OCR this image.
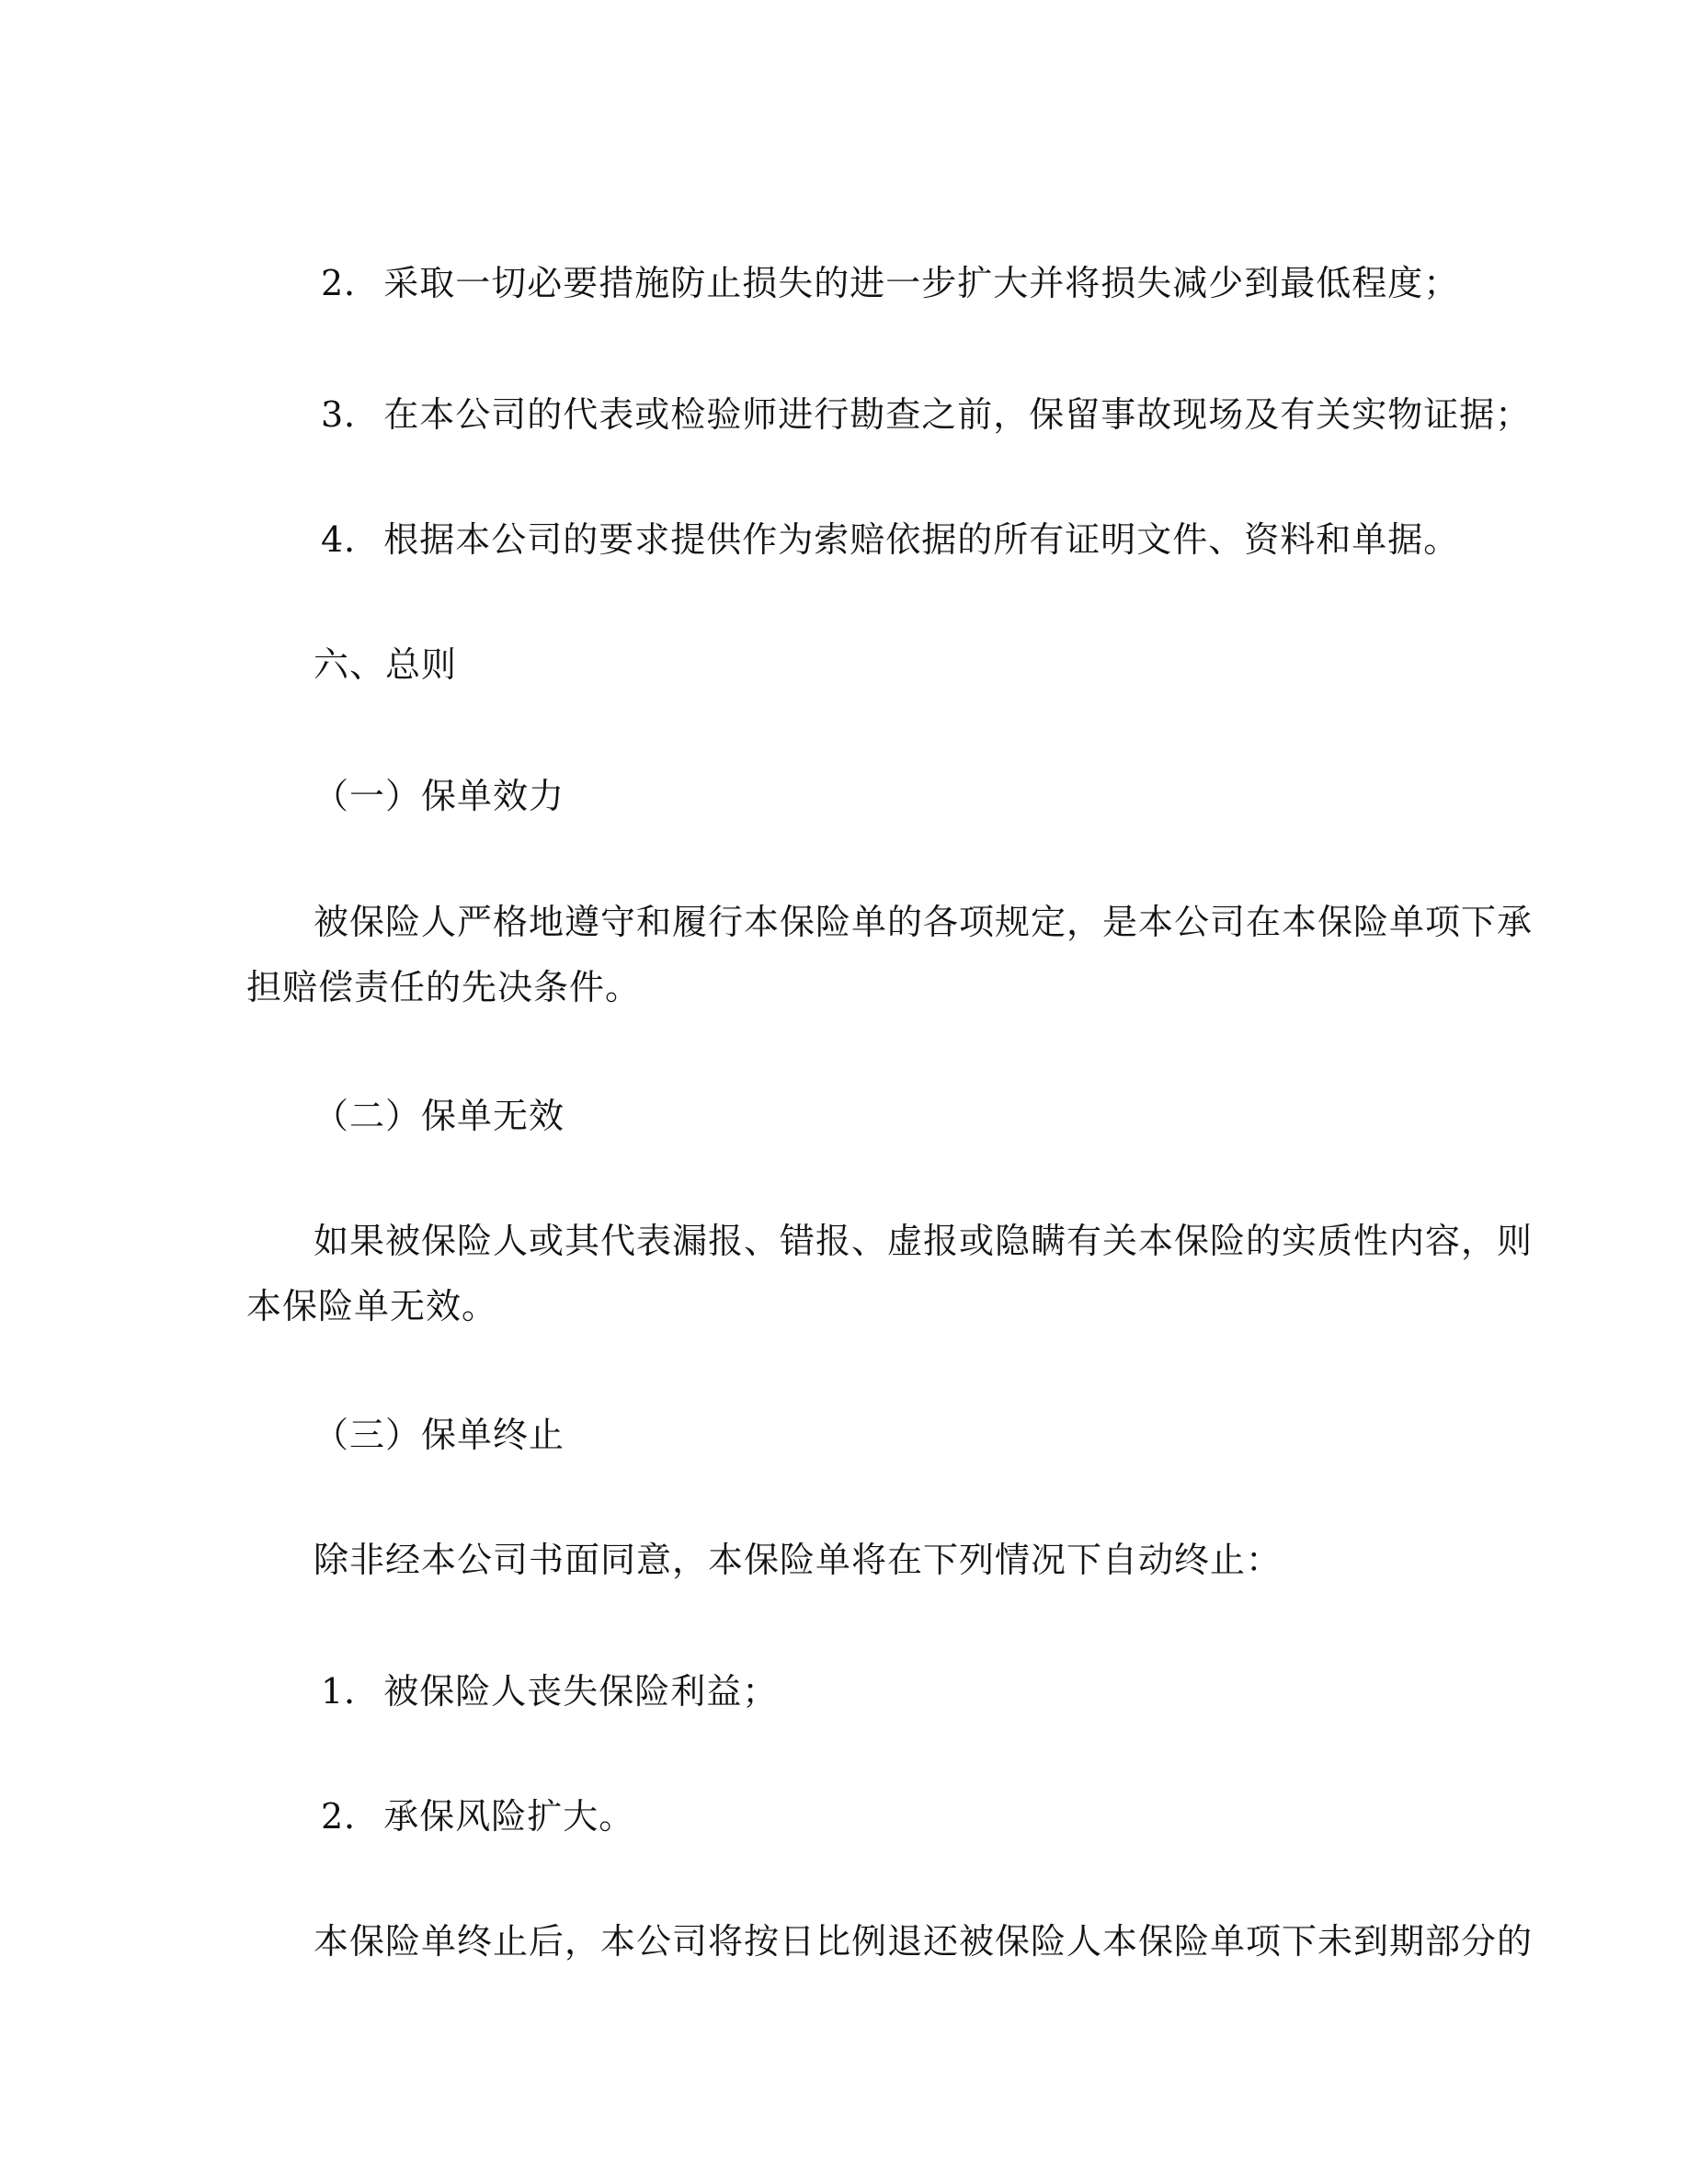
2． 采取一切必要措施防止损失的进一步扩大并将损失减少到最低程度；
3． 在本公司的代表或检验师进行勘查之前，保留事故现场及有关实物证据；
4． 根据本公司的要求提供作为索赔依据的所有证明文件、资料和单据。
六、总则
（一）保单效力
被保险人严格地遵守和履行本保险单的各项规定，是本公司在本保险单项下承
担赔偿责任的先决条件。
（二）保单无效
如果被保险人或其代表漏报、错报、虚报或隐瞒有关本保险的实质性内容，则
本保险单无效。
（三）保单终止
除非经本公司书面同意，本保险单将在下列情况下自动终止：
1． 被保险人丧失保险利益；
2． 承保风险扩大。
本保险单终止后，本公司将按日比例退还被保险人本保险单项下未到期部分的
